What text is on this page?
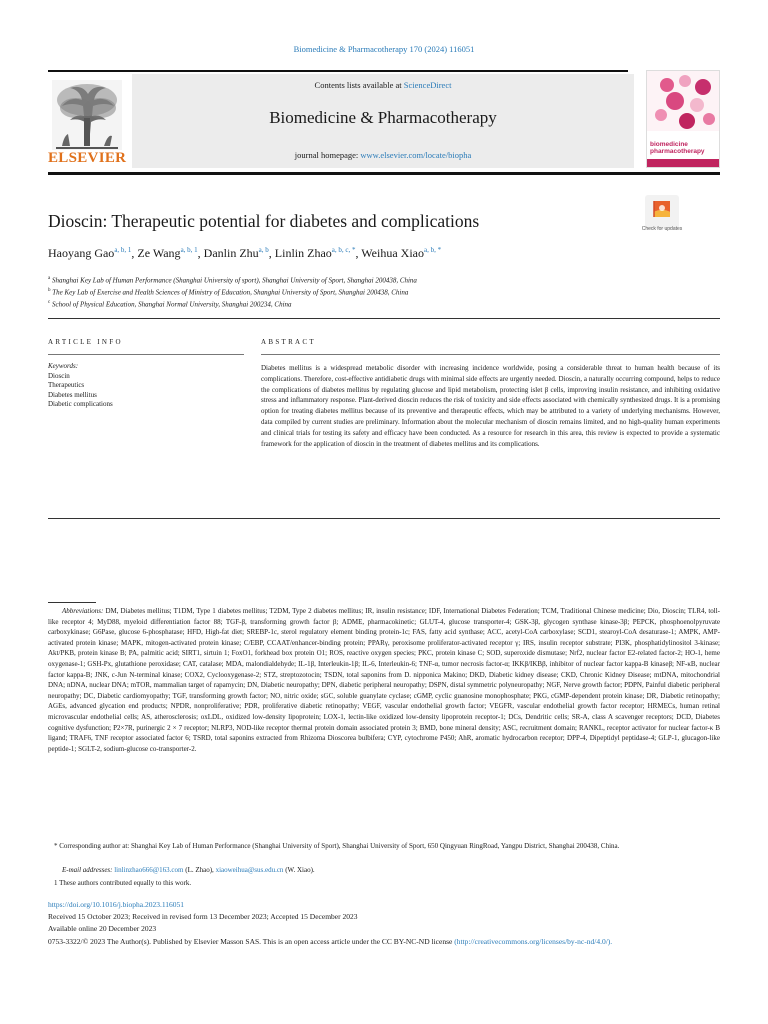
Biomedicine & Pharmacotherapy 170 (2024) 116051
ELSEVIER
Contents lists available at ScienceDirect
Biomedicine & Pharmacotherapy
journal homepage: www.elsevier.com/locate/biopha
biomedicine pharmacotherapy
Dioscin: Therapeutic potential for diabetes and complications	Check for updates
Haoyang Gao$^{a, b, 1}$, Ze Wang$^{a, b, 1}$, Danlin Zhu$^{a, b}$, Linlin Zhao$^{a, b, c, *}$, Weihua Xiao$^{a, b, *}$
$^a$ Shanghai Key Lab of Human Performance (Shanghai University of sport), Shanghai University of Sport, Shanghai 200438, China
$^b$ The Key Lab of Exercise and Health Sciences of Ministry of Education, Shanghai University of Sport, Shanghai 200438, China
$^c$ School of Physical Education, Shanghai Normal University, Shanghai 200234, China
ARTICLE INFO	ABSTRACT
Keywords:
Dioscin
Therapeutics
Diabetes mellitus
Diabetic complications
Diabetes mellitus is a widespread metabolic disorder with increasing incidence worldwide, posing a considerable threat to human health because of its complications. Therefore, cost-effective antidiabetic drugs with minimal side effects are urgently needed. Dioscin, a naturally occurring compound, helps to reduce the complications of diabetes mellitus by regulating glucose and lipid metabolism, protecting islet β cells, improving insulin resistance, and inhibiting oxidative stress and inflammatory response. Plant-derived dioscin reduces the risk of toxicity and side effects associated with chemically synthesized drugs. It is a promising option for treating diabetes mellitus because of its preventive and therapeutic effects, which may be attributed to a variety of underlying mechanisms. However, data compiled by current studies are preliminary. Information about the molecular mechanism of dioscin remains limited, and no high-quality human experiments and clinical trials for testing its safety and efficacy have been conducted. As a resource for research in this area, this review is expected to provide a systematic framework for the application of dioscin in the treatment of diabetes mellitus and its complications.
Abbreviations: DM, Diabetes mellitus; T1DM, Type 1 diabetes mellitus; T2DM, Type 2 diabetes mellitus; IR, insulin resistance; IDF, International Diabetes Federation; TCM, Traditional Chinese medicine; Dio, Dioscin; TLR4, toll-like receptor 4; MyD88, myeloid differentiation factor 88; TGF-β, transforming growth factor β; ADME, pharmacokinetic; GLUT-4, glucose transporter-4; GSK-3β, glycogen synthase kinase-3β; PEPCK, phosphoenolpyruvate carboxykinase; G6Pase, glucose 6-phosphatase; HFD, High-fat diet; SREBP-1c, sterol regulatory element binding protein-1c; FAS, fatty acid synthase; ACC, acetyl-CoA carboxylase; SCD1, stearoyl-CoA desaturase-1; AMPK, AMP-activated protein kinase; MAPK, mitogen-activated protein kinase; C/EBP, CCAAT/enhancer-binding protein; PPARγ, peroxisome proliferator-activated receptor γ; IRS, insulin receptor substrate; PI3K, phosphatidylinositol 3-kinase; Akt/PKB, protein kinase B; PA, palmitic acid; SIRT1, sirtuin 1; FoxO1, forkhead box protein O1; ROS, reactive oxygen species; PKC, protein kinase C; SOD, superoxide dismutase; Nrf2, nuclear factor E2-related factor-2; HO-1, heme oxygenase-1; GSH-Px, glutathione peroxidase; CAT, catalase; MDA, malondialdehyde; IL-1β, Interleukin-1β; IL-6, Interleukin-6; TNF-α, tumor necrosis factor-α; IKKβ/IKBβ, inhibitor of nuclear factor kappa-B kinaseβ; NF-κB, nuclear factor kappa-B; JNK, c-Jun N-terminal kinase; COX2, Cyclooxygenase-2; STZ, streptozotocin; TSDN, total saponins from D. nipponica Makino; DKD, Diabetic kidney disease; CKD, Chronic Kidney Disease; mtDNA, mitochondrial DNA; nDNA, nuclear DNA; mTOR, mammalian target of rapamycin; DN, Diabetic neuropathy; DPN, diabetic peripheral neuropathy; DSPN, distal symmetric polyneuropathy; NGF, Nerve growth factor; PDPN, Painful diabetic peripheral neuropathy; DC, Diabetic cardiomyopathy; TGF, transforming growth factor; NO, nitric oxide; sGC, soluble guanylate cyclase; cGMP, cyclic guanosine monophosphate; PKG, cGMP-dependent protein kinase; DR, Diabetic retinopathy; AGEs, advanced glycation end products; NPDR, nonproliferative; PDR, proliferative diabetic retinopathy; VEGF, vascular endothelial growth factor; VEGFR, vascular endothelial growth factor receptor; HRMECs, human retinal microvascular endothelial cells; AS, atherosclerosis; oxLDL, oxidized low-density lipoprotein; LOX-1, lectin-like oxidized low-density lipoprotein receptor-1; DCs, Dendritic cells; SR-A, class A scavenger receptors; DCD, Diabetes cognitive dysfunction; P2×7R, purinergic 2 × 7 receptor; NLRP3, NOD-like receptor thermal protein domain associated protein 3; BMD, bone mineral density; ASC, recruitment domain; RANKL, receptor activator for nuclear factor-κ B ligand; TRAF6, TNF receptor associated factor 6; TSRD, total saponins extracted from Rhizoma Dioscorea bulbifera; CYP, cytochrome P450; AhR, aromatic hydrocarbon receptor; DPP-4, Dipeptidyl peptidase-4; GLP-1, glucagon-like peptide-1; SGLT-2, sodium-glucose co-transporter-2.
* Corresponding author at: Shanghai Key Lab of Human Performance (Shanghai University of Sport), Shanghai University of Sport, 650 Qingyuan RingRoad, Yangpu District, Shanghai 200438, China.
E-mail addresses: linlinzhao666@163.com (L. Zhao), xiaoweihua@sus.edu.cn (W. Xiao).
1 These authors contributed equally to this work.
https://doi.org/10.1016/j.biopha.2023.116051
Received 15 October 2023; Received in revised form 13 December 2023; Accepted 15 December 2023
Available online 20 December 2023
0753-3322/© 2023 The Author(s). Published by Elsevier Masson SAS. This is an open access article under the CC BY-NC-ND license (http://creativecommons.org/licenses/by-nc-nd/4.0/).
